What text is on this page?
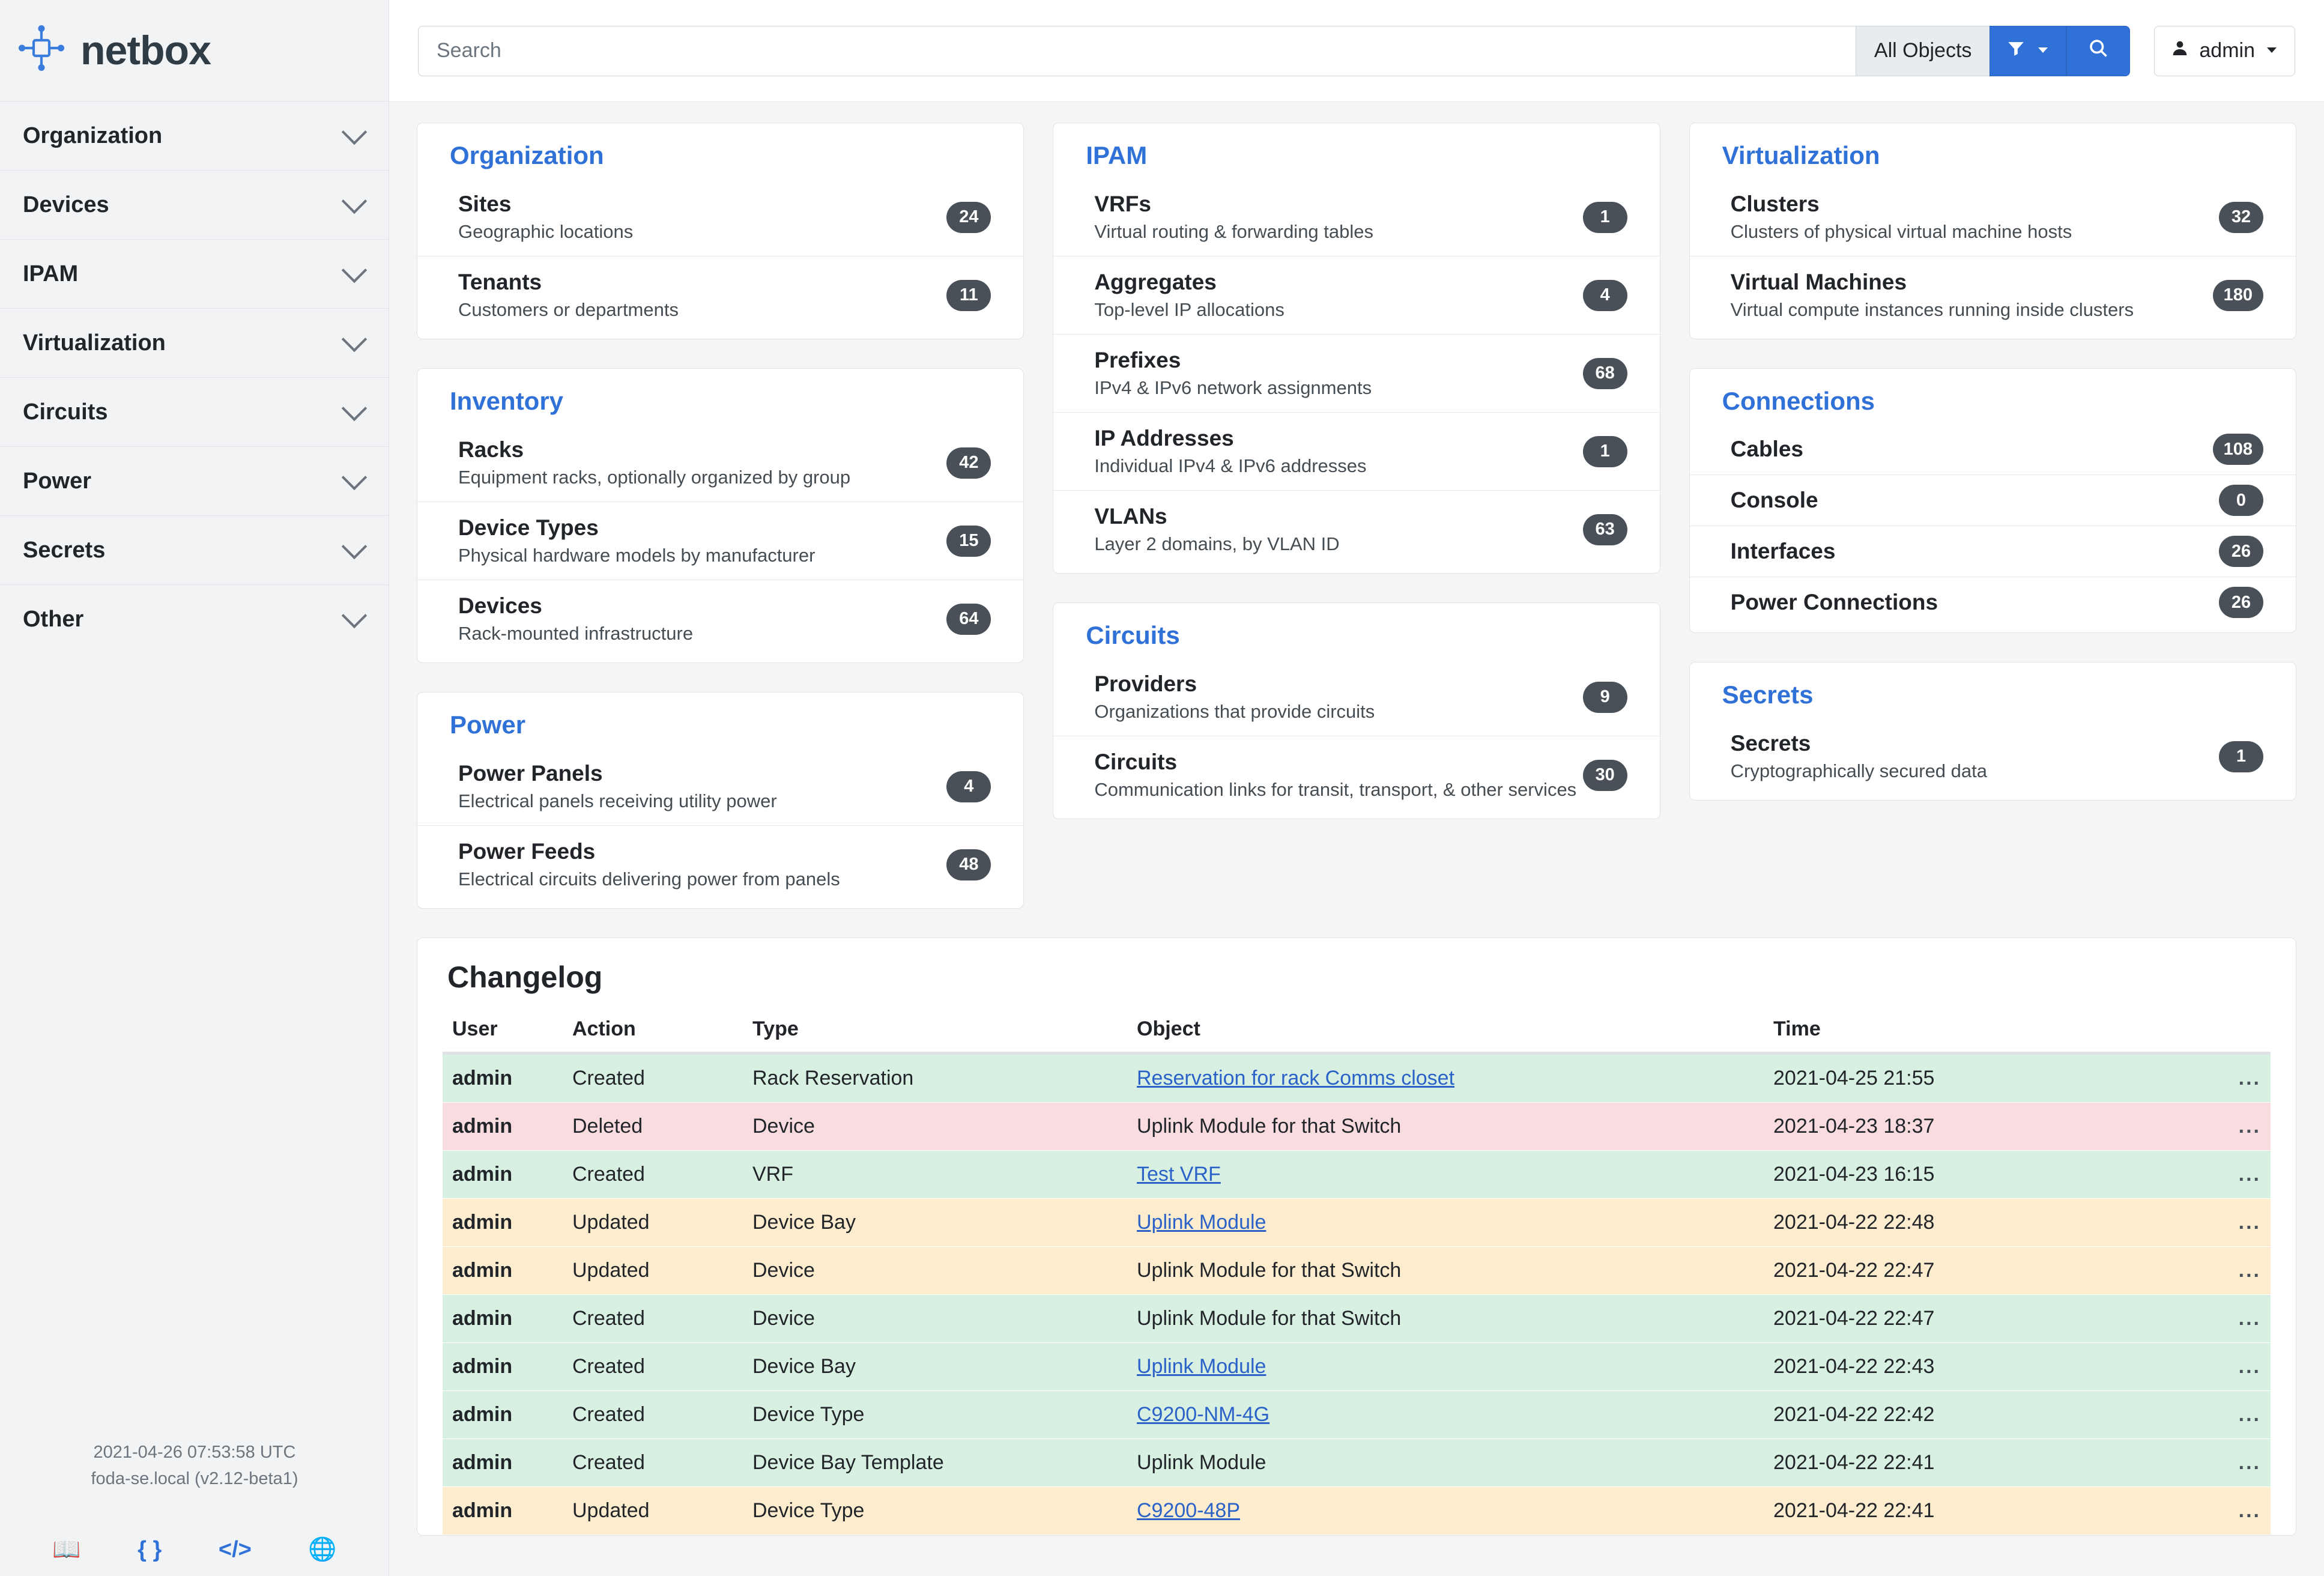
netbox
Organization
Devices
IPAM
Virtualization
Circuits
Power
Secrets
Other
2021-04-26 07:53:58 UTC
foda-se.local (v2.12-beta1)
📖 { } </> 🌐
Search
All Objects	admin
Organization
Sites
Geographic locations
24
Tenants
Customers or departments
11
Inventory
Racks
Equipment racks, optionally organized by group
42
Device Types
Physical hardware models by manufacturer
15
Devices
Rack-mounted infrastructure
64
Power
Power Panels
Electrical panels receiving utility power
4
Power Feeds
Electrical circuits delivering power from panels
48
IPAM
VRFs
Virtual routing & forwarding tables
1
Aggregates
Top-level IP allocations
4
Prefixes
IPv4 & IPv6 network assignments
68
IP Addresses
Individual IPv4 & IPv6 addresses
1
VLANs
Layer 2 domains, by VLAN ID
63
Circuits
Providers
Organizations that provide circuits
9
Circuits
Communication links for transit, transport, & other services
30
Virtualization
Clusters
Clusters of physical virtual machine hosts
32
Virtual Machines
Virtual compute instances running inside clusters
180
Connections
Cables	108
Console	0
Interfaces	26
Power Connections	26
Secrets
Secrets
Cryptographically secured data
1
Changelog
User	Action	Type	Object	Time	
admin	Created	Rack Reservation	Reservation for rack Comms closet	2021-04-25 21:55	...
admin	Deleted	Device	Uplink Module for that Switch	2021-04-23 18:37	...
admin	Created	VRF	Test VRF	2021-04-23 16:15	...
admin	Updated	Device Bay	Uplink Module	2021-04-22 22:48	...
admin	Updated	Device	Uplink Module for that Switch	2021-04-22 22:47	...
admin	Created	Device	Uplink Module for that Switch	2021-04-22 22:47	...
admin	Created	Device Bay	Uplink Module	2021-04-22 22:43	...
admin	Created	Device Type	C9200-NM-4G	2021-04-22 22:42	...
admin	Created	Device Bay Template	Uplink Module	2021-04-22 22:41	...
admin	Updated	Device Type	C9200-48P	2021-04-22 22:41	...
